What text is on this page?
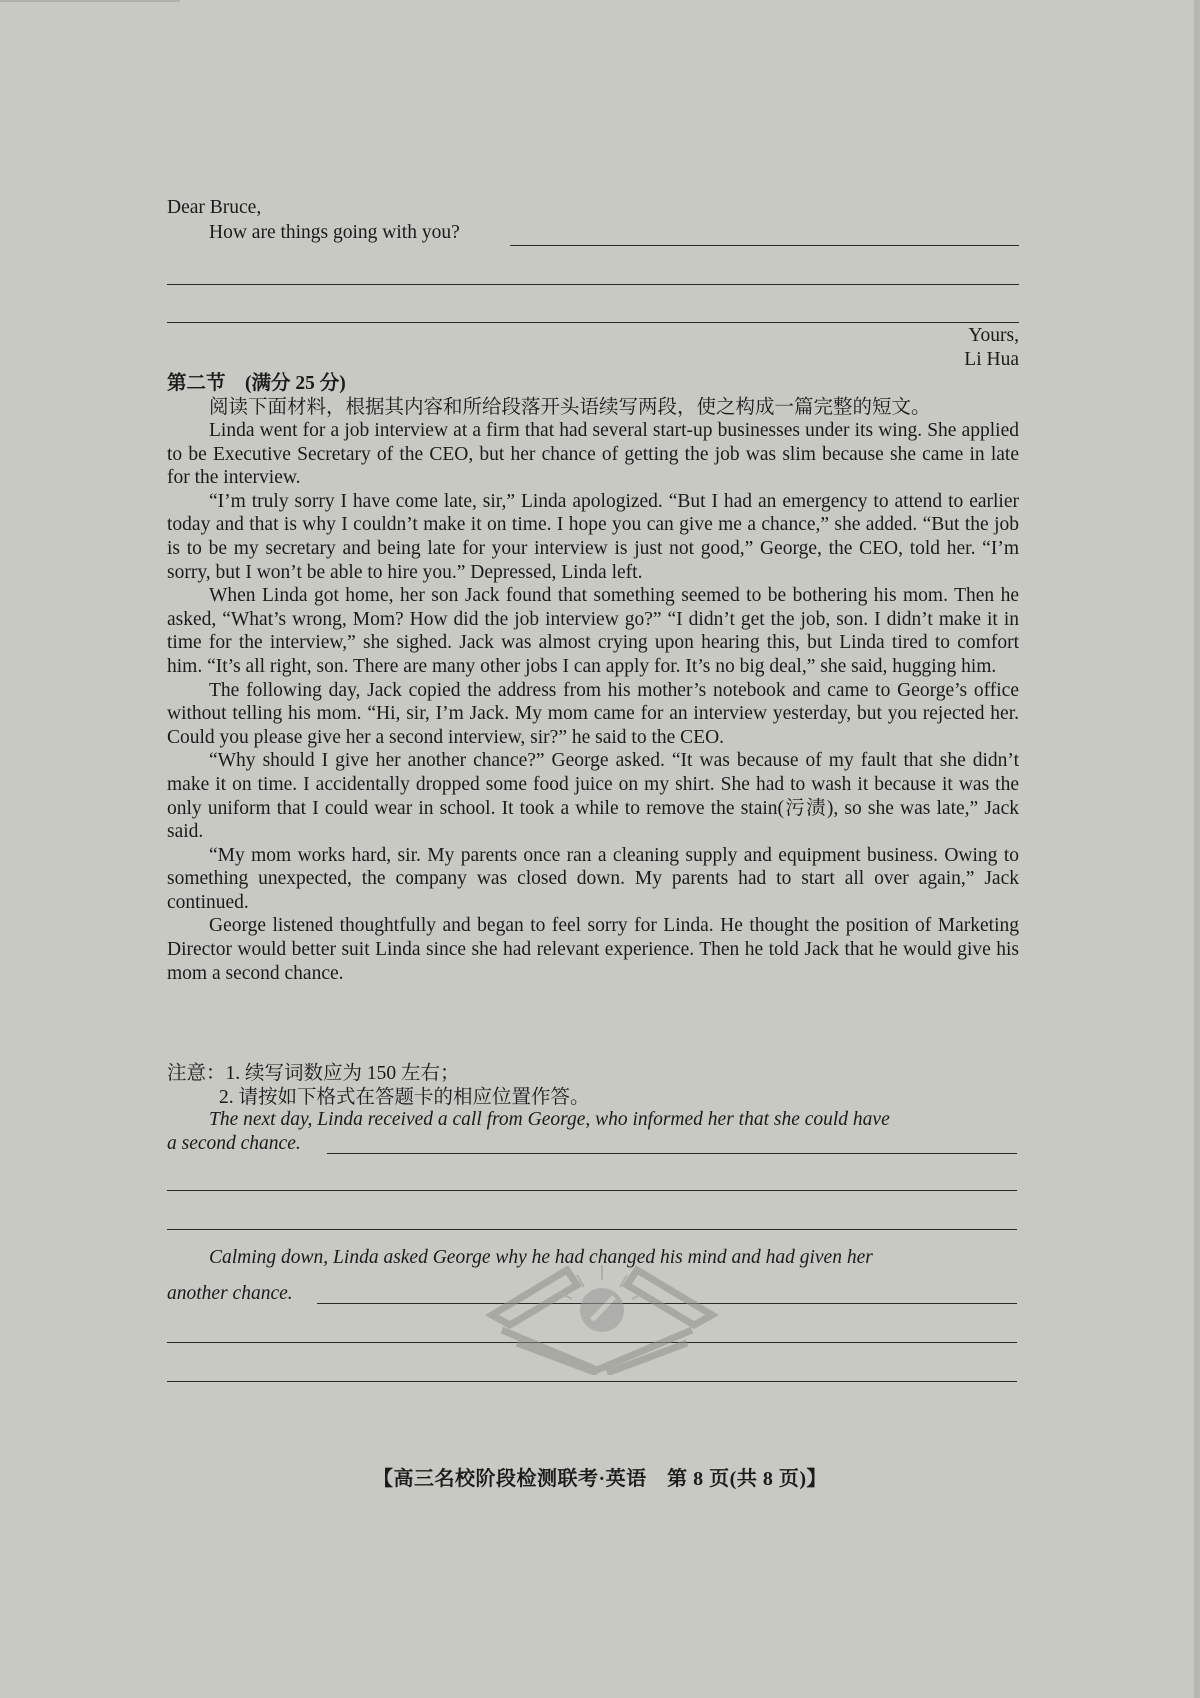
Dear Bruce,
How are things going with you?
Yours,
Li Hua
第二节　(满分 25 分)
阅读下面材料，根据其内容和所给段落开头语续写两段，使之构成一篇完整的短文。
Linda went for a job interview at a firm that had several start-up businesses under its wing. She applied to be Executive Secretary of the CEO, but her chance of getting the job was slim because she came in late for the interview.
“I’m truly sorry I have come late, sir,” Linda apologized. “But I had an emergency to attend to earlier today and that is why I couldn’t make it on time. I hope you can give me a chance,” she added. “But the job is to be my secretary and being late for your interview is just not good,” George, the CEO, told her. “I’m sorry, but I won’t be able to hire you.” Depressed, Linda left.
When Linda got home, her son Jack found that something seemed to be bothering his mom. Then he asked, “What’s wrong, Mom? How did the job interview go?” “I didn’t get the job, son. I didn’t make it in time for the interview,” she sighed. Jack was almost crying upon hearing this, but Linda tired to comfort him. “It’s all right, son. There are many other jobs I can apply for. It’s no big deal,” she said, hugging him.
The following day, Jack copied the address from his mother’s notebook and came to George’s office without telling his mom. “Hi, sir, I’m Jack. My mom came for an interview yesterday, but you rejected her. Could you please give her a second interview, sir?” he said to the CEO.
“Why should I give her another chance?” George asked. “It was because of my fault that she didn’t make it on time. I accidentally dropped some food juice on my shirt. She had to wash it because it was the only uniform that I could wear in school. It took a while to remove the stain(污渍), so she was late,” Jack said.
“My mom works hard, sir. My parents once ran a cleaning supply and equipment business. Owing to something unexpected, the company was closed down. My parents had to start all over again,” Jack continued.
George listened thoughtfully and began to feel sorry for Linda. He thought the position of Marketing Director would better suit Linda since she had relevant experience. Then he told Jack that he would give his mom a second chance.
注意：1. 续写词数应为 150 左右；
2. 请按如下格式在答题卡的相应位置作答。
The next day, Linda received a call from George, who informed her that she could have
a second chance.
Calming down, Linda asked George why he had changed his mind and had given her
another chance.
【高三名校阶段检测联考·英语　第 8 页(共 8 页)】
